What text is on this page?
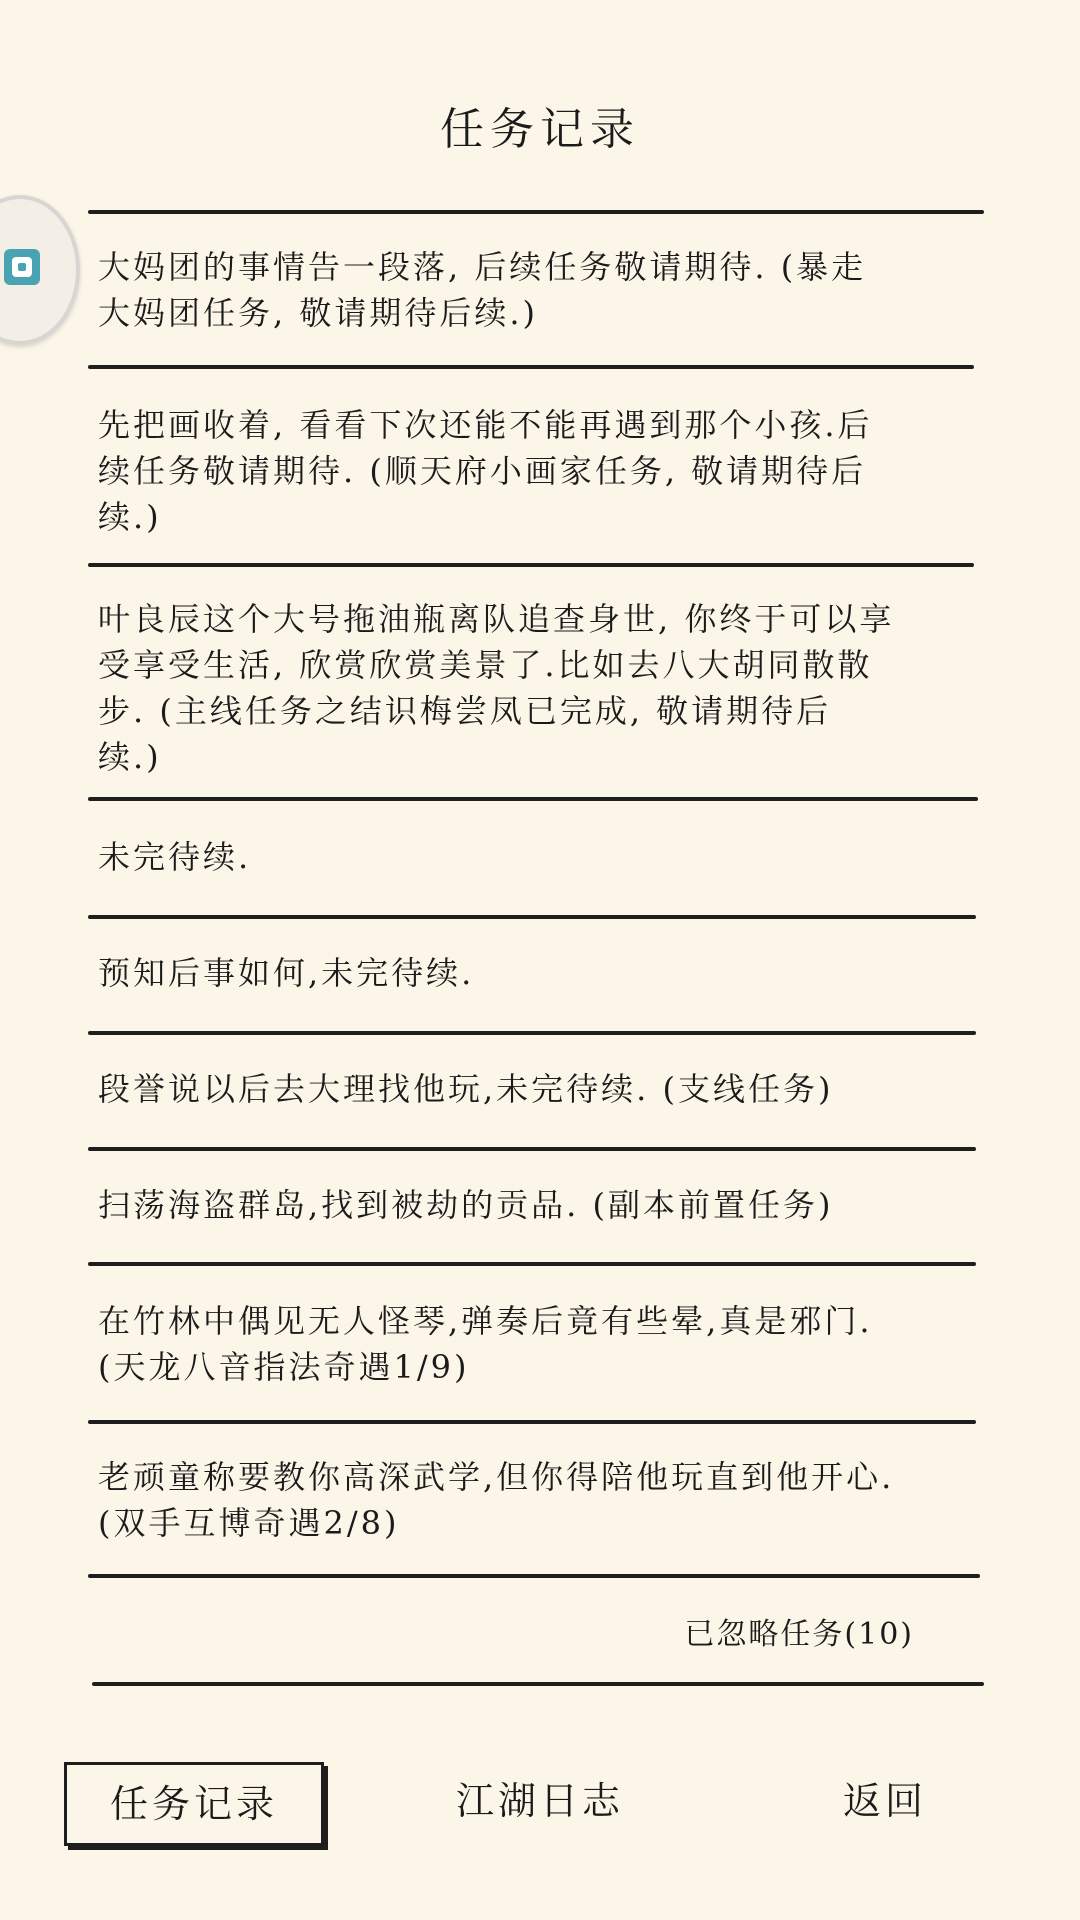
任务记录
大妈团的事情告一段落, 后续任务敬请期待. (暴走
大妈团任务, 敬请期待后续.)
先把画收着, 看看下次还能不能再遇到那个小孩.后
续任务敬请期待. (顺天府小画家任务, 敬请期待后
续.)
叶良辰这个大号拖油瓶离队追查身世, 你终于可以享
受享受生活, 欣赏欣赏美景了.比如去八大胡同散散
步. (主线任务之结识梅尝凤已完成, 敬请期待后
续.)
未完待续.
预知后事如何,未完待续.
段誉说以后去大理找他玩,未完待续. (支线任务)
扫荡海盗群岛,找到被劫的贡品. (副本前置任务)
在竹林中偶见无人怪琴,弹奏后竟有些晕,真是邪门.
(天龙八音指法奇遇1/9)
老顽童称要教你高深武学,但你得陪他玩直到他开心.
(双手互博奇遇2/8)
已忽略任务(10)
任务记录	江湖日志	返回
